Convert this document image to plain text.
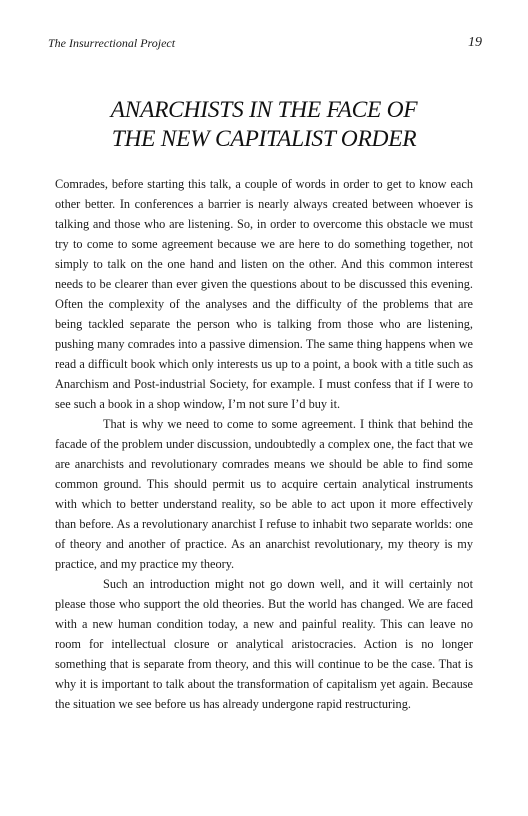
The Insurrectional Project	19
ANARCHISTS IN THE FACE OF
THE NEW CAPITALIST ORDER

Comrades, before starting this talk, a couple of words in order to get to know each other better. In conferences a barrier is nearly always created between whoever is talking and those who are listening. So, in order to overcome this obstacle we must try to come to some agreement because we are here to do something together, not simply to talk on the one hand and listen on the other. And this common interest needs to be clearer than ever given the questions about to be discussed this evening. Often the complexity of the analyses and the difficulty of the problems that are being tackled separate the person who is talking from those who are listening, pushing many comrades into a passive dimension. The same thing happens when we read a difficult book which only interests us up to a point, a book with a title such as Anarchism and Post-industrial Society, for example. I must confess that if I were to see such a book in a shop window, I’m not sure I’d buy it.

That is why we need to come to some agreement. I think that behind the facade of the problem under discussion, undoubtedly a complex one, the fact that we are anarchists and revolutionary comrades means we should be able to find some common ground. This should permit us to acquire certain analytical instruments with which to better understand reality, so be able to act upon it more effectively than before. As a revolutionary anarchist I refuse to inhabit two separate worlds: one of theory and another of practice. As an anarchist revolutionary, my theory is my practice, and my practice my theory.

Such an introduction might not go down well, and it will certainly not please those who support the old theories. But the world has changed. We are faced with a new human condition today, a new and painful reality. This can leave no room for intellectual closure or analytical aristocracies. Action is no longer something that is separate from theory, and this will continue to be the case. That is why it is important to talk about the transformation of capitalism yet again. Because the situation we see before us has already undergone rapid restructuring.
